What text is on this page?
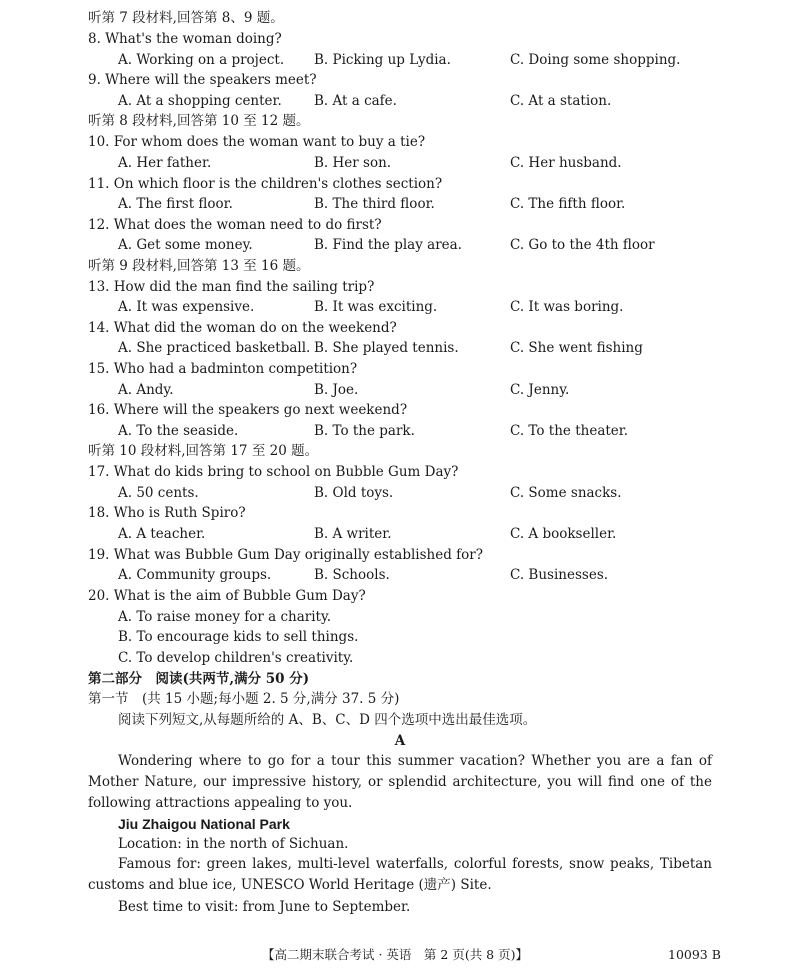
听第 7 段材料,回答第 8、9 题。
8. What's the woman doing?
A. Working on a project. B. Picking up Lydia.	C. Doing some shopping.
9. Where will the speakers meet?
A. At a shopping center. B. At a cafe.	C. At a station.
听第 8 段材料,回答第 10 至 12 题。
10. For whom does the woman want to buy a tie?
A. Her father.	B. Her son.	C. Her husband.
11. On which floor is the children's clothes section?
A. The first floor.	B. The third floor.	C. The fifth floor.
12. What does the woman need to do first?
A. Get some money.	B. Find the play area.	C. Go to the 4th floor
听第 9 段材料,回答第 13 至 16 题。
13. How did the man find the sailing trip?
A. It was expensive.	B. It was exciting.	C. It was boring.
14. What did the woman do on the weekend?
A. She practiced basketball. B. She played tennis.	C. She went fishing
15. Who had a badminton competition?
A. Andy.	B. Joe.	C. Jenny.
16. Where will the speakers go next weekend?
A. To the seaside.	B. To the park.	C. To the theater.
听第 10 段材料,回答第 17 至 20 题。
17. What do kids bring to school on Bubble Gum Day?
A. 50 cents.	B. Old toys.	C. Some snacks.
18. Who is Ruth Spiro?
A. A teacher.	B. A writer.	C. A bookseller.
19. What was Bubble Gum Day originally established for?
A. Community groups.	B. Schools.	C. Businesses.
20. What is the aim of Bubble Gum Day?
A. To raise money for a charity.
B. To encourage kids to sell things.
C. To develop children's creativity.
第二部分　阅读(共两节,满分 50 分)
第一节　(共 15 小题;每小题 2. 5 分,满分 37. 5 分)
阅读下列短文,从每题所给的 A、B、C、D 四个选项中选出最佳选项。
A
Wondering where to go for a tour this summer vacation? Whether you are a fan of Mother Nature, our impressive history, or splendid architecture, you will find one of the following attractions appealing to you.
Jiu Zhaigou National Park
Location: in the north of Sichuan.
Famous for: green lakes, multi-level waterfalls, colorful forests, snow peaks, Tibetan customs and blue ice, UNESCO World Heritage (遗产) Site.
Best time to visit: from June to September.
【高二期末联合考试 · 英语　第 2 页(共 8 页)】	10093 B
